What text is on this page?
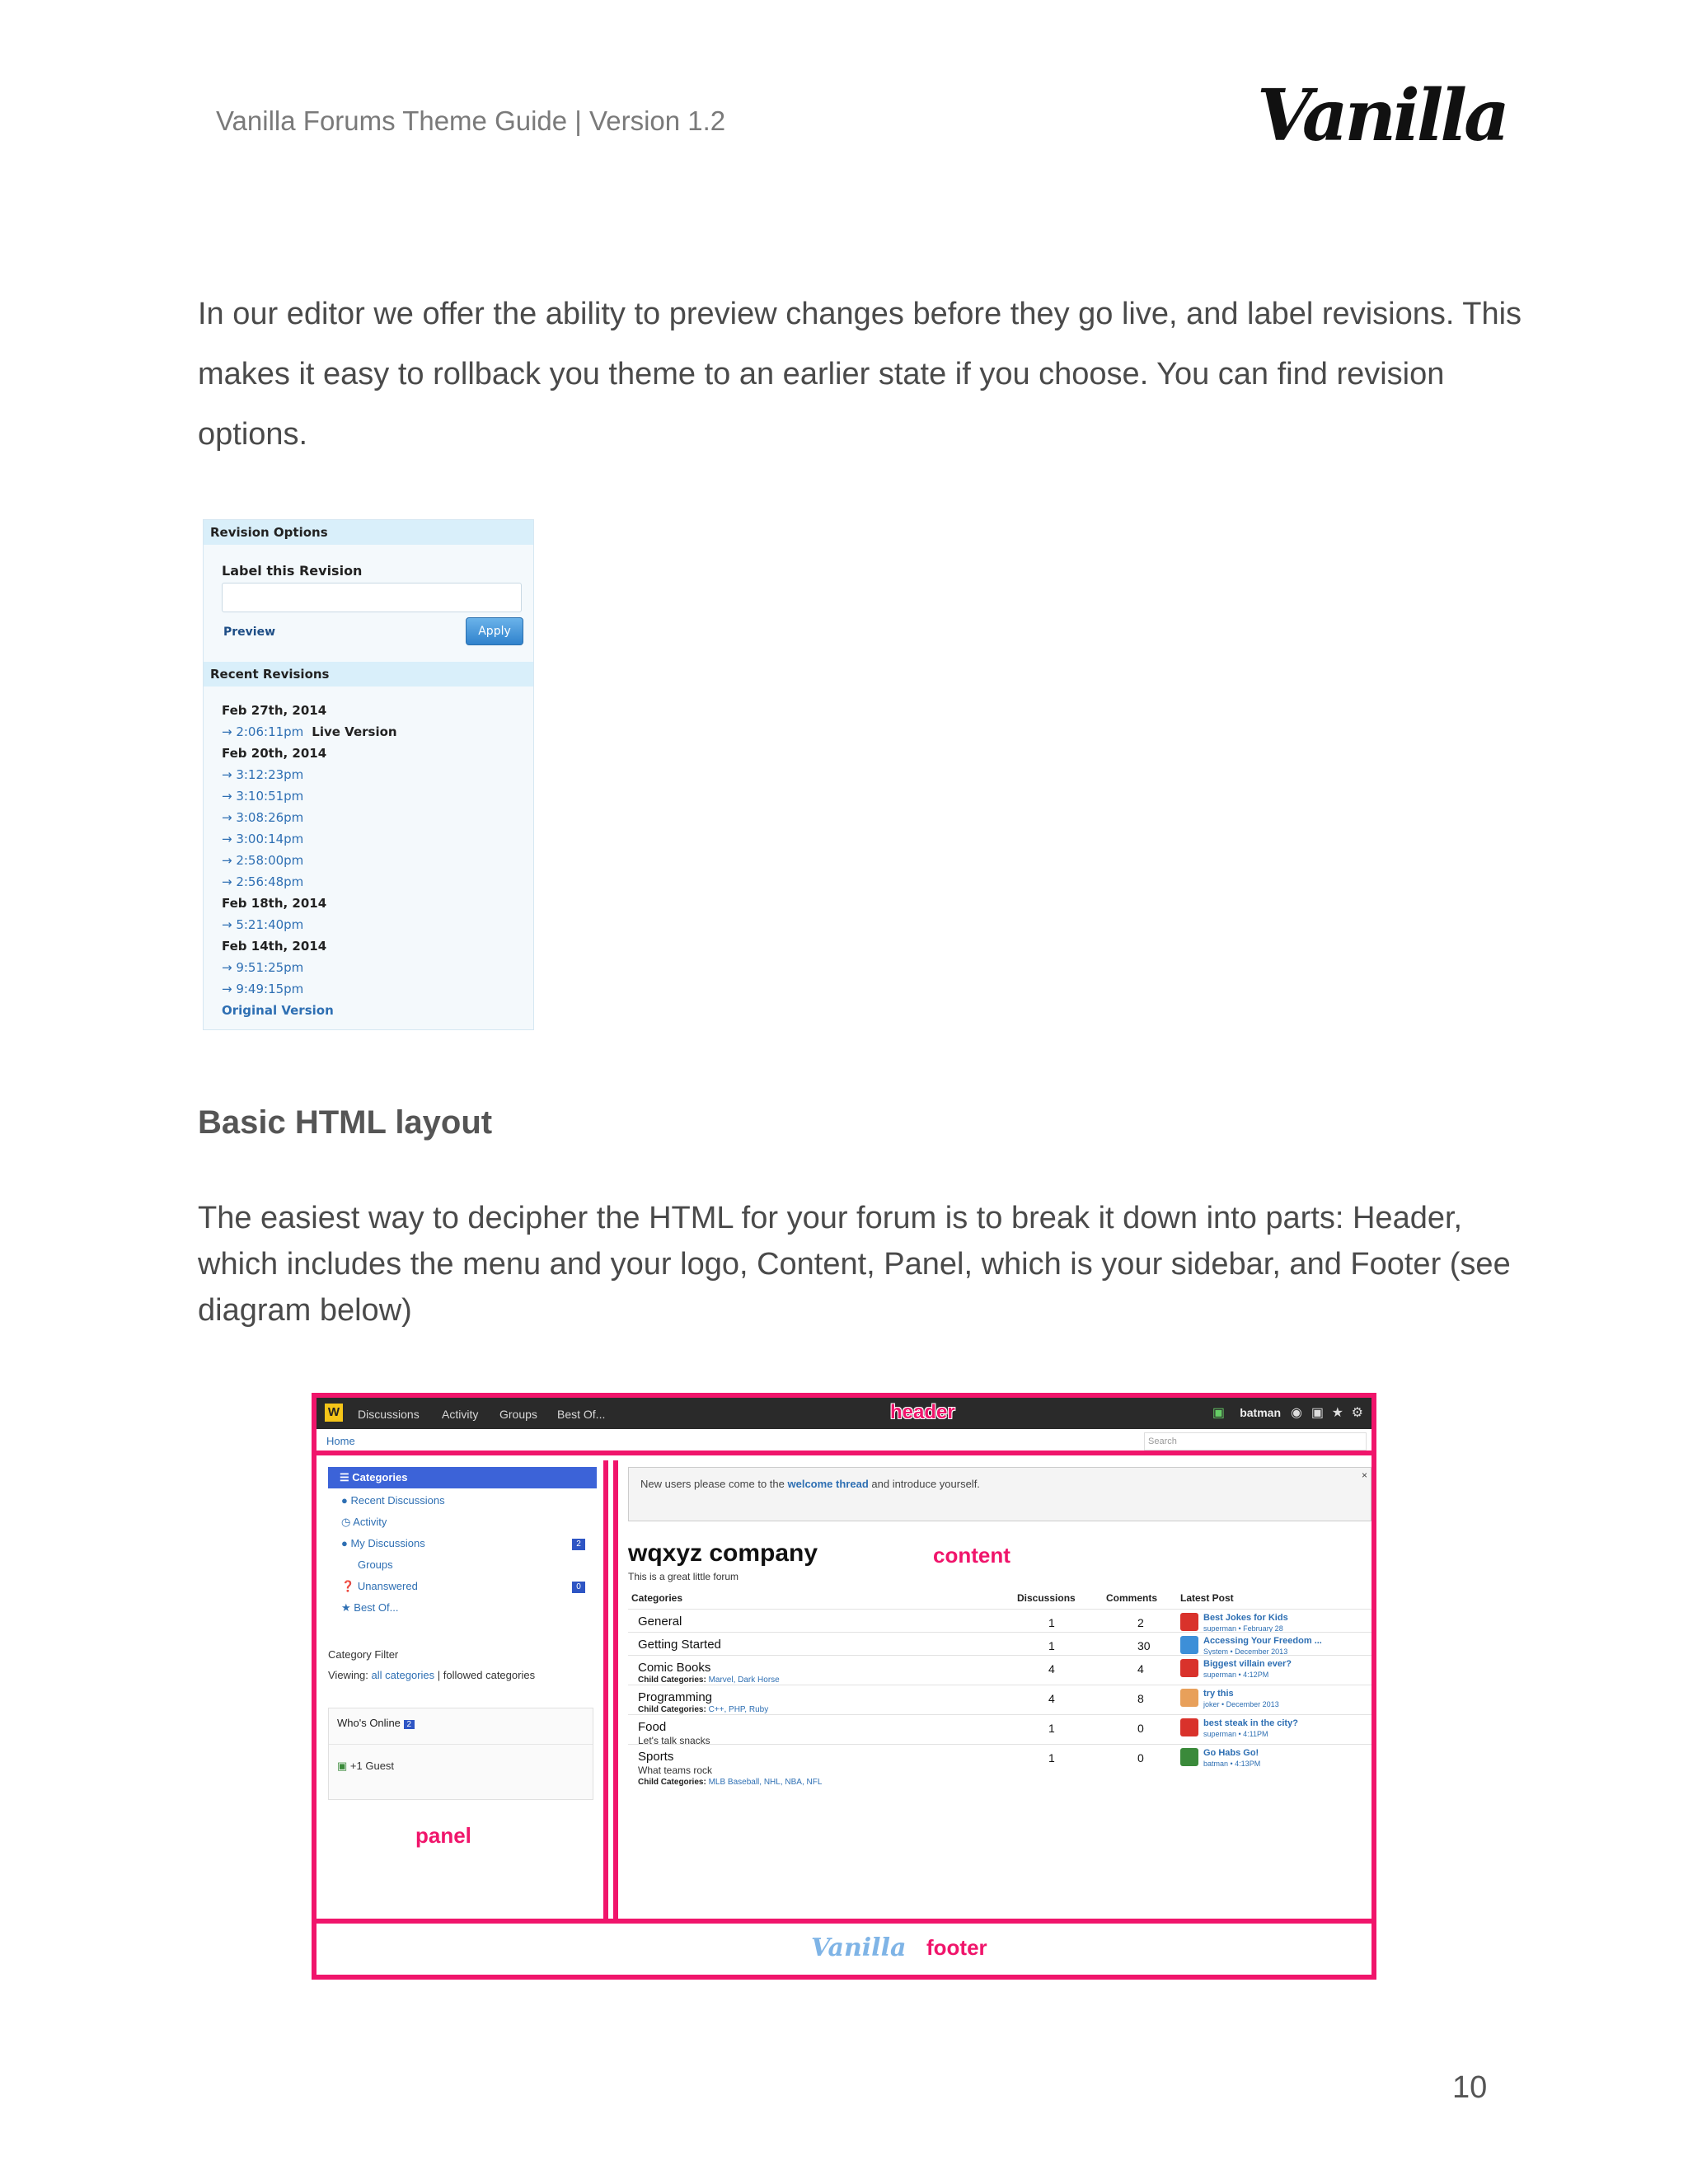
Vanilla Forums Theme Guide | Version 1.2	Vanilla

In our editor we offer the ability to preview changes before they go live, and label revisions. This makes it easy to rollback you theme to an earlier state if you choose. You can find revision options.

Revision Options
Label this Revision
Preview	Apply
Recent Revisions
Feb 27th, 2014
→ 2:06:11pm Live Version
Feb 20th, 2014
→ 3:12:23pm
→ 3:10:51pm
→ 3:08:26pm
→ 3:00:14pm
→ 2:58:00pm
→ 2:56:48pm
Feb 18th, 2014
→ 5:21:40pm
Feb 14th, 2014
→ 9:51:25pm
→ 9:49:15pm
Original Version
Basic HTML layout

The easiest way to decipher the HTML for your forum is to break it down into parts: Header, which includes the menu and your logo, Content, Panel, which is your sidebar, and Footer (see diagram below)

W Discussions Activity Groups Best Of...	header	▣ batman ◉ ▣ ★ ⚙
Home	Search
☰ Categories
● Recent Discussions
◷ Activity
● My Discussions	2
Groups
❓ Unanswered	0
★ Best Of...
Category Filter
Viewing: all categories | followed categories
Who's Online 2
▣ +1 Guest
panel
New users please come to the welcome thread and introduce yourself.
×
wqxyz company	content
This is a great little forum
Categories	Discussions	Comments Latest Post
General	1	2	Best Jokes for Kids
superman • February 28
Getting Started	1	30	Accessing Your Freedom ...
System • December 2013
Comic Books
Child Categories: Marvel, Dark Horse
4	4	Biggest villain ever?
superman • 4:12PM
Programming
Child Categories: C++, PHP, Ruby
4	8	try this
joker • December 2013
Food
Let's talk snacks
1	0	best steak in the city?
superman • 4:11PM
Sports
What teams rock
Child Categories: MLB Baseball, NHL, NBA, NFL
1	0	Go Habs Go!
batman • 4:13PM
Vanilla footer
10
